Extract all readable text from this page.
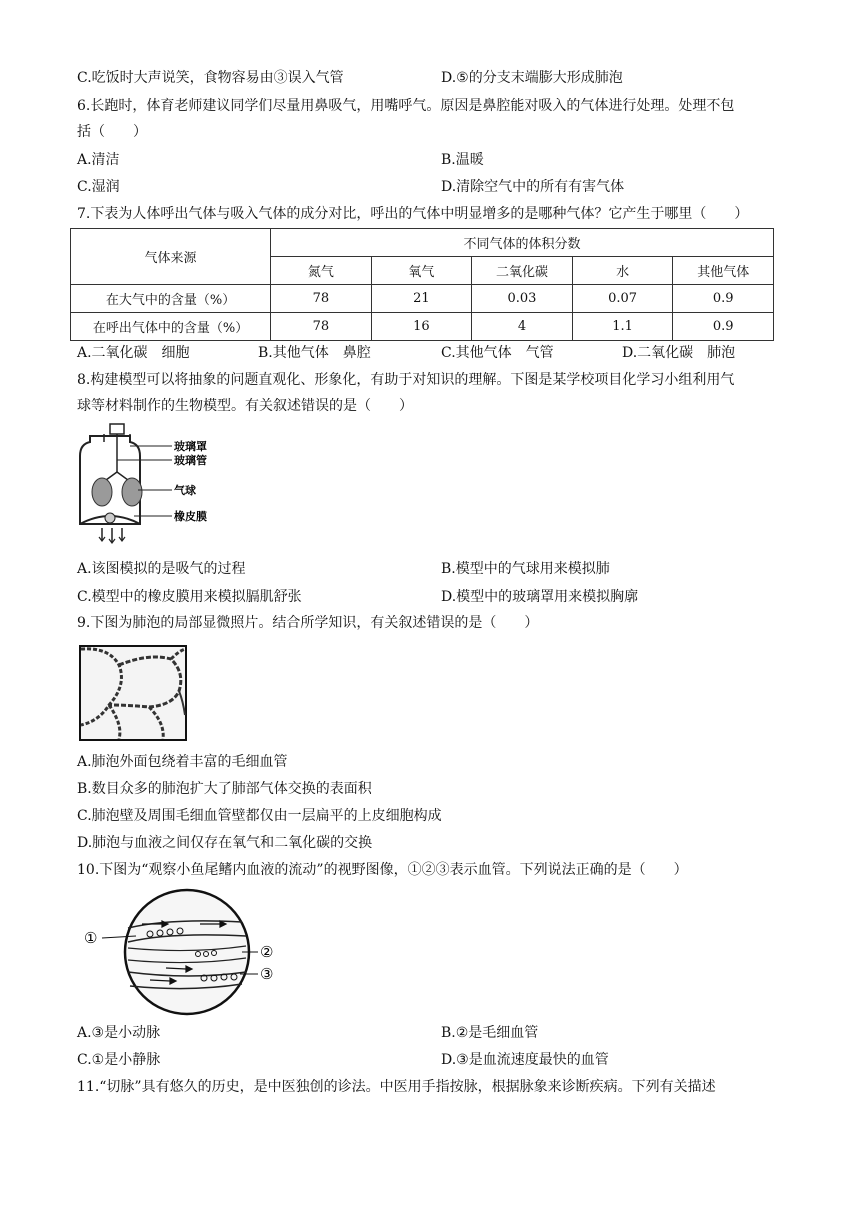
C.吃饭时大声说笑，食物容易由③误入气管	D.⑤的分支末端膨大形成肺泡
6.长跑时，体育老师建议同学们尽量用鼻吸气，用嘴呼气。原因是鼻腔能对吸入的气体进行处理。处理不包
括（　　）
A.清洁	B.温暖
C.湿润	D.清除空气中的所有有害气体
7.下表为人体呼出气体与吸入气体的成分对比，呼出的气体中明显增多的是哪种气体？它产生于哪里（　　）
气体来源	不同气体的体积分数				
	氮气	氧气	二氧化碳	水	其他气体
在大气中的含量（%）	78	21	0.03	0.07	0.9
在呼出气体中的含量（%）	78	16	4	1.1	0.9
A.二氧化碳　细胞	B.其他气体　鼻腔	C.其他气体　气管	D.二氧化碳　肺泡
8.构建模型可以将抽象的问题直观化、形象化，有助于对知识的理解。下图是某学校项目化学习小组利用气
球等材料制作的生物模型。有关叙述错误的是（　　）
玻璃罩
玻璃管
气球
橡皮膜
A.该图模拟的是吸气的过程	B.模型中的气球用来模拟肺
C.模型中的橡皮膜用来模拟膈肌舒张	D.模型中的玻璃罩用来模拟胸廓
9.下图为肺泡的局部显微照片。结合所学知识，有关叙述错误的是（　　）
A.肺泡外面包绕着丰富的毛细血管
B.数目众多的肺泡扩大了肺部气体交换的表面积
C.肺泡壁及周围毛细血管壁都仅由一层扁平的上皮细胞构成
D.肺泡与血液之间仅存在氧气和二氧化碳的交换
10.下图为“观察小鱼尾鳍内血液的流动”的视野图像，①②③表示血管。下列说法正确的是（　　）
①
②
③
A.③是小动脉	B.②是毛细血管
C.①是小静脉	D.③是血流速度最快的血管
11.“切脉”具有悠久的历史，是中医独创的诊法。中医用手指按脉，根据脉象来诊断疾病。下列有关描述
